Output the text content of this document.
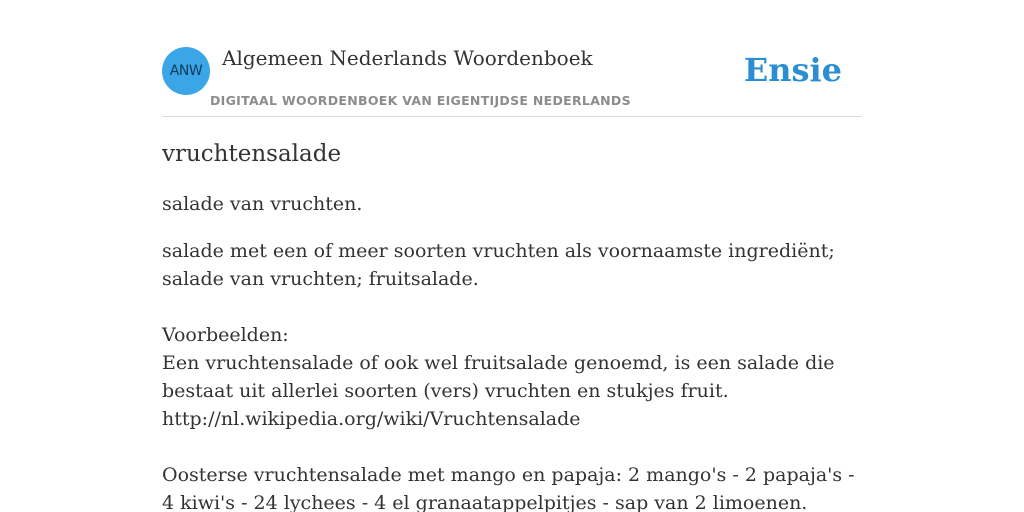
ANW
Algemeen Nederlands Woordenboek
DIGITAAL WOORDENBOEK VAN EIGENTIJDSE NEDERLANDS
Ensie
vruchtensalade

salade van vruchten.

salade met een of meer soorten vruchten als voornaamste ingrediënt; salade van vruchten; fruitsalade.
Voorbeelden:
Een vruchtensalade of ook wel fruitsalade genoemd, is een salade die bestaat uit allerlei soorten (vers) vruchten en stukjes fruit.
http://nl.wikipedia.org/wiki/Vruchtensalade
Oosterse vruchtensalade met mango en papaja: 2 mango's - 2 papaja's - 4 kiwi's - 24 lychees - 4 el granaatappelpitjes - sap van 2 limoenen.
